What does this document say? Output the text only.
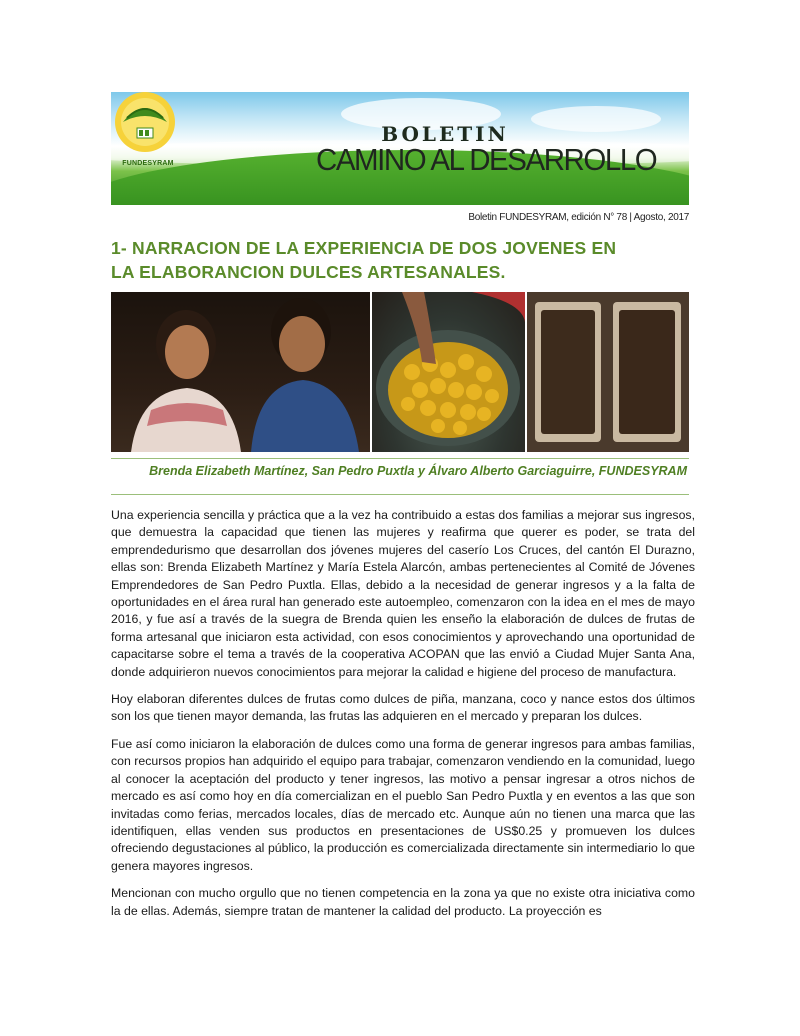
FUNDESYRAM
BOLETIN
CAMINO AL DESARROLLO
Boletin FUNDESYRAM, edición N° 78 | Agosto, 2017
1- NARRACION DE LA EXPERIENCIA DE DOS JOVENES EN
LA ELABORANCION DULCES ARTESANALES.
Brenda Elizabeth Martínez, San Pedro Puxtla y Álvaro Alberto Garciaguirre, FUNDESYRAM

Una experiencia sencilla y práctica que a la vez ha contribuido a estas dos familias a mejorar sus ingresos, que demuestra la capacidad que tienen las mujeres y reafirma que querer es poder, se trata del emprendedurismo que desarrollan dos jóvenes mujeres del caserío Los Cruces, del cantón El Durazno, ellas son: Brenda Elizabeth Martínez y María Estela Alarcón, ambas pertenecientes al Comité de Jóvenes Emprendedores de San Pedro Puxtla. Ellas, debido a la necesidad de generar ingresos y a la falta de oportunidades en el área rural han generado este autoempleo, comenzaron con la idea en el mes de mayo 2016, y fue así a través de la suegra de Brenda quien les enseño la elaboración de dulces de frutas de forma artesanal que iniciaron esta actividad, con esos conocimientos y aprovechando una oportunidad de capacitarse sobre el tema a través de la cooperativa ACOPAN que las envió a Ciudad Mujer Santa Ana, donde adquirieron nuevos conocimientos para mejorar la calidad e higiene del proceso de manufactura.

Hoy elaboran diferentes dulces de frutas como dulces de piña, manzana, coco y nance estos dos últimos son los que tienen mayor demanda, las frutas las adquieren en el mercado y preparan los dulces.

Fue así como iniciaron la elaboración de dulces como una forma de generar ingresos para ambas familias, con recursos propios han adquirido el equipo para trabajar, comenzaron vendiendo en la comunidad, luego al conocer la aceptación del producto y tener ingresos, las motivo a pensar ingresar a otros nichos de mercado es así como hoy en día comercializan en el pueblo San Pedro Puxtla y en eventos a las que son invitadas como ferias, mercados locales, días de mercado etc. Aunque aún no tienen una marca que las identifiquen, ellas venden sus productos en presentaciones de US$0.25 y promueven los dulces ofreciendo degustaciones al público, la producción es comercializada directamente sin intermediario lo que genera mayores ingresos.

Mencionan con mucho orgullo que no tienen competencia en la zona ya que no existe otra iniciativa como la de ellas. Además, siempre tratan de mantener la calidad del producto. La proyección es
